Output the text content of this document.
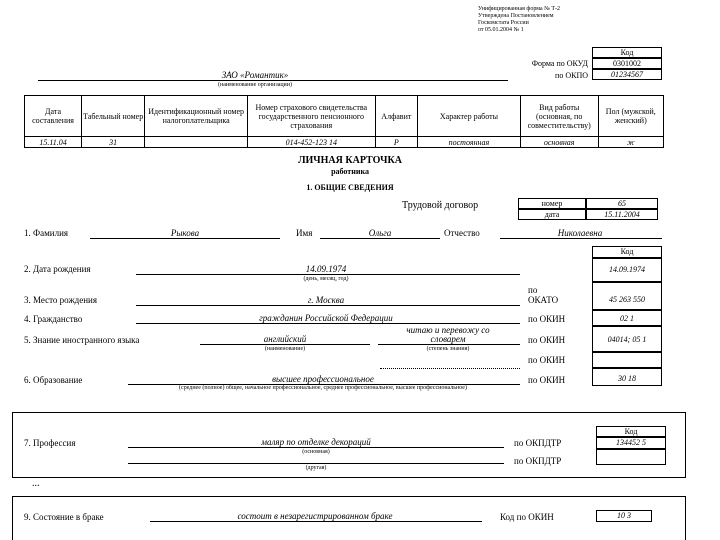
Унифицированная форма № Т-2
Утверждена Постановлением
Госкомстата России
от 05.01.2004 № 1
Код
Форма по ОКУД	0301002
по ОКПО	01234567
ЗАО «Романтик»
(наименование организации)
Дата составления	Табельный номер	Идентификационный номер налогоплательщика	Номер страхового свидетельства государственного пенсионного страхования	Алфавит	Характер работы	Вид работы (основная, по совместительству)	Пол (мужской, женский)
15.11.04	31		014-452-123 14	Р	постоянная	основная	ж
ЛИЧНАЯ КАРТОЧКА
работника
1. ОБЩИЕ СВЕДЕНИЯ
Трудовой договор	номер	65
дата	15.11.2004
1. Фамилия	Рыкова	Имя	Ольга	Отчество	Николаевна
Код
2. Дата рождения	14.09.1974
(день, месяц, год)
14.09.1974
3. Место рождения	г. Москва
по
ОКАТО	45 263 550
4. Гражданство	гражданин Российской Федерации	по ОКИН	02 1
5. Знание иностранного языка	английский
(наименование)
читаю и перевожу со
словарем
(степень знания)
по ОКИН	04014; 05 1
по ОКИН
6. Образование	высшее профессиональное
(среднее (полное) общее, начальное профессиональное, среднее профессиональное, высшее профессиональное)
по ОКИН	30 18
Код
7. Профессия	маляр по отделке декораций
(основная)
по ОКПДТР	134452 5
(другая)
по ОКПДТР
...
9. Состояние в браке	состоит в незарегистрированном браке	Код по ОКИН	10 3
